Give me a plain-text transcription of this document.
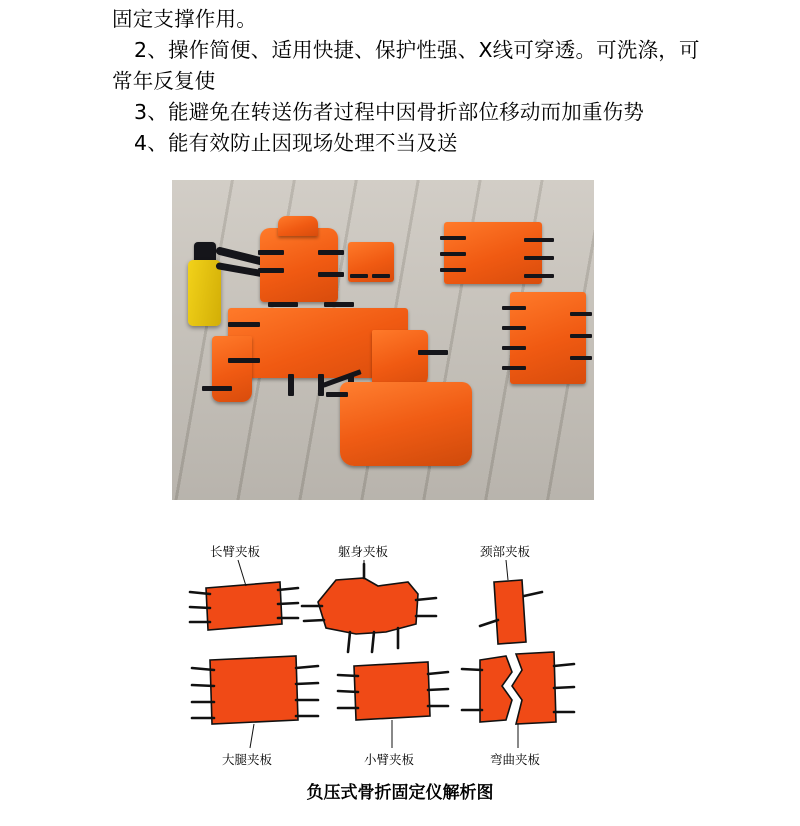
固定支撑作用。

2、操作简便、适用快捷、保护性强、X线可穿透。可洗涤，可常年反复使

3、能避免在转送伤者过程中因骨折部位移动而加重伤势

4、能有效防止因现场处理不当及送

长臂夹板	躯身夹板	颈部夹板
大腿夹板	小臂夹板	弯曲夹板
负压式骨折固定仪解析图
